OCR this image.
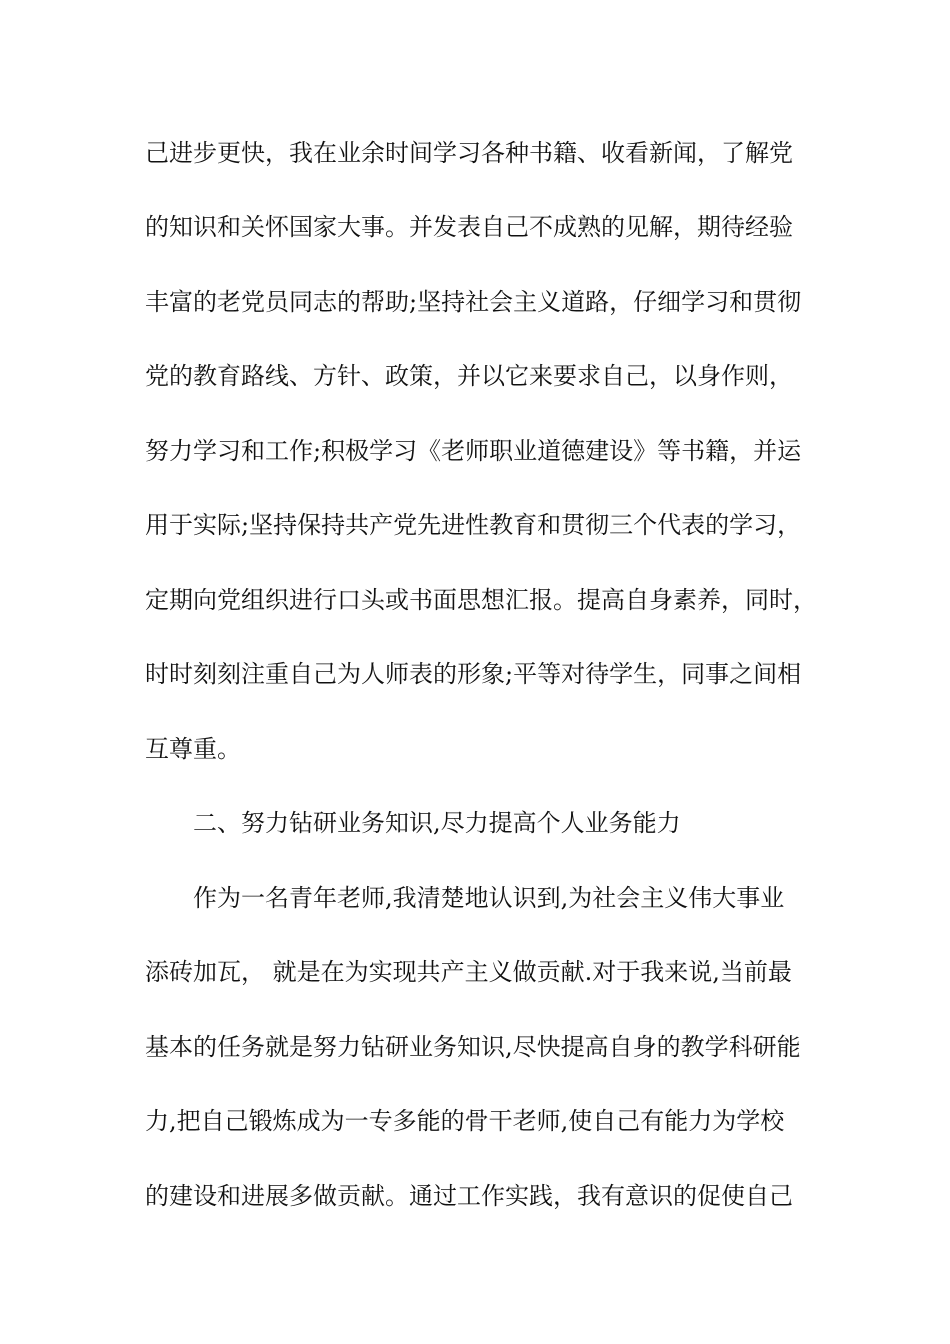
己进步更快，我在业余时间学习各种书籍、收看新闻，了解党
的知识和关怀国家大事。并发表自己不成熟的见解，期待经验
丰富的老党员同志的帮助;坚持社会主义道路，仔细学习和贯彻
党的教育路线、方针、政策，并以它来要求自己，以身作则，
努力学习和工作;积极学习《老师职业道德建设》等书籍，并运
用于实际;坚持保持共产党先进性教育和贯彻三个代表的学习，
定期向党组织进行口头或书面思想汇报。提高自身素养，同时，
时时刻刻注重自己为人师表的形象;平等对待学生，同事之间相
互尊重。
二、努力钻研业务知识,尽力提高个人业务能力
作为一名青年老师,我清楚地认识到,为社会主义伟大事业
添砖加瓦， 就是在为实现共产主义做贡献.对于我来说,当前最
基本的任务就是努力钻研业务知识,尽快提高自身的教学科研能
力,把自己锻炼成为一专多能的骨干老师,使自己有能力为学校
的建设和进展多做贡献。通过工作实践，我有意识的促使自己
